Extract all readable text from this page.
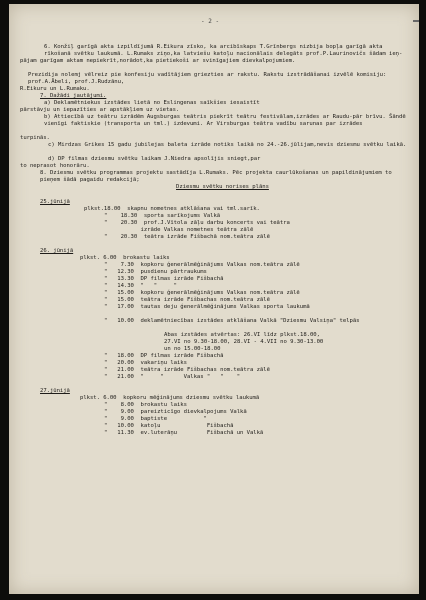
- 2 -
6. Konžiļ garīgā akta izpildījumā R.Eikura zīsko, ka arcibīskaps T.Grīnbergs nizbija bopļa garīgā akta rīkošanā svētku laukumā. L.Rumaks ziņo,ka latviešu katoļu nacionālais delegāts prof.P.Laurinovičs šādam ieņ-
pājam garīgam aktam nepiekrīt,norādot,ka pietiekoši ar svinīgajiem dievkalpojumiem.
Prezidija nolemj vēlreiz pie konfesiju vadītājiem griezties ar rakstu. Rakstu izstrādāšanai izvēlē komisiju: prof.A.Ābeli, prof.J.Rudzānu,
R.Eikuru un L.Rumaku.
7. Dažādi jautājumi.
a) Deklamētniekus izstādes lietā no Eslingenas saīkšies iesaistīt
pārstāvju un iepazīties ar apstākļiem uz vietas.
b) Attiecībā uz teātru izrādēm Augsburgas teātris piekrīt teātru festivālam,izrādes ar Raudu-pār brīvu. Šāndē vienīgi faktiskie (transporta un tml.) izdevumi. Ar Virsburgas teātra vadību sarunas par izrādes
turpinās.
c) Mirdzas Grikes 15 gadu jubilejas baleta izrāde notiks laikā no 24.-26.jūlijam,nevis dziesmu svētku laikā.
d) DP filmas dziesmu svētku laikam J.Niedra apsolījis sniegt,par
to neprasot honorāru.
8. Dziesmu svētku programmas projektu sastādīja L.Rumaks. Pēc projekta caurlūkošanas un papildinājumiem to pieņem šādā pagaidu redakcijā;
Dziesmu svētku norises plāns
25.jūnijā
plkst.18.00  skapnu nometnes atklāšana vai tml.sarīk.
"    18.30  sporta sarīkojums Valkā
"    20.30  prof.J.Vītola zāļu darbu koncerts vai teātra
izrāde Valkas nometnes teātra zālē
"    20.30  teātra izrāde Fišbachā nom.teātra zālē
26. jūnijā
plkst. 6.00  brokastu laiks
"    7.30  kopkoru ģenerālmēģinājums Valkas nom.teātra zālē
"   12.30  pusdienu pārtraukums
"   13.30  DP filmas izrāde Fišbachā
"   14.30  "   "     "
"   15.00  kopkoru ģenerālmēģinājums Valkas nom.teātra zālē
"   15.00  teātra izrāde Fišbachas nom.teātra zālē
"   17.00  tautas deju ģenerālmēģinājums Valkas sporta laukumā
"   10.00  deklamētniecības izstādes atklāšana Valkā "Dziesmu Valsiņa" telpās
Abas izstādes atvērtas: 26.VI līdz plkst.18.00,
27.VI no 9.30-18.00, 28.VI - 4.VII no 9.30-13.00
un no 15.00-18.00
"   18.00  DP filmas izrāde Fišbachā
"   20.00  vakariņu laiks
"   21.00  teātra izrāde Fišbachas nom.teātra zālē
"   21.00  "     "      Valkas "   "    "
27.jūnijā
plkst. 6.00  kopkoru mēģinājums dziesmu svētku laukumā
"    8.00  brokastu laiks
"    9.00  pareizticīgo dievkalpojums Valkā
"    9.00  baptiste           "
"   10.00  katoļu              Fišbachā
"   11.30  ev.luterāņu         Fišbachā un Valkā
